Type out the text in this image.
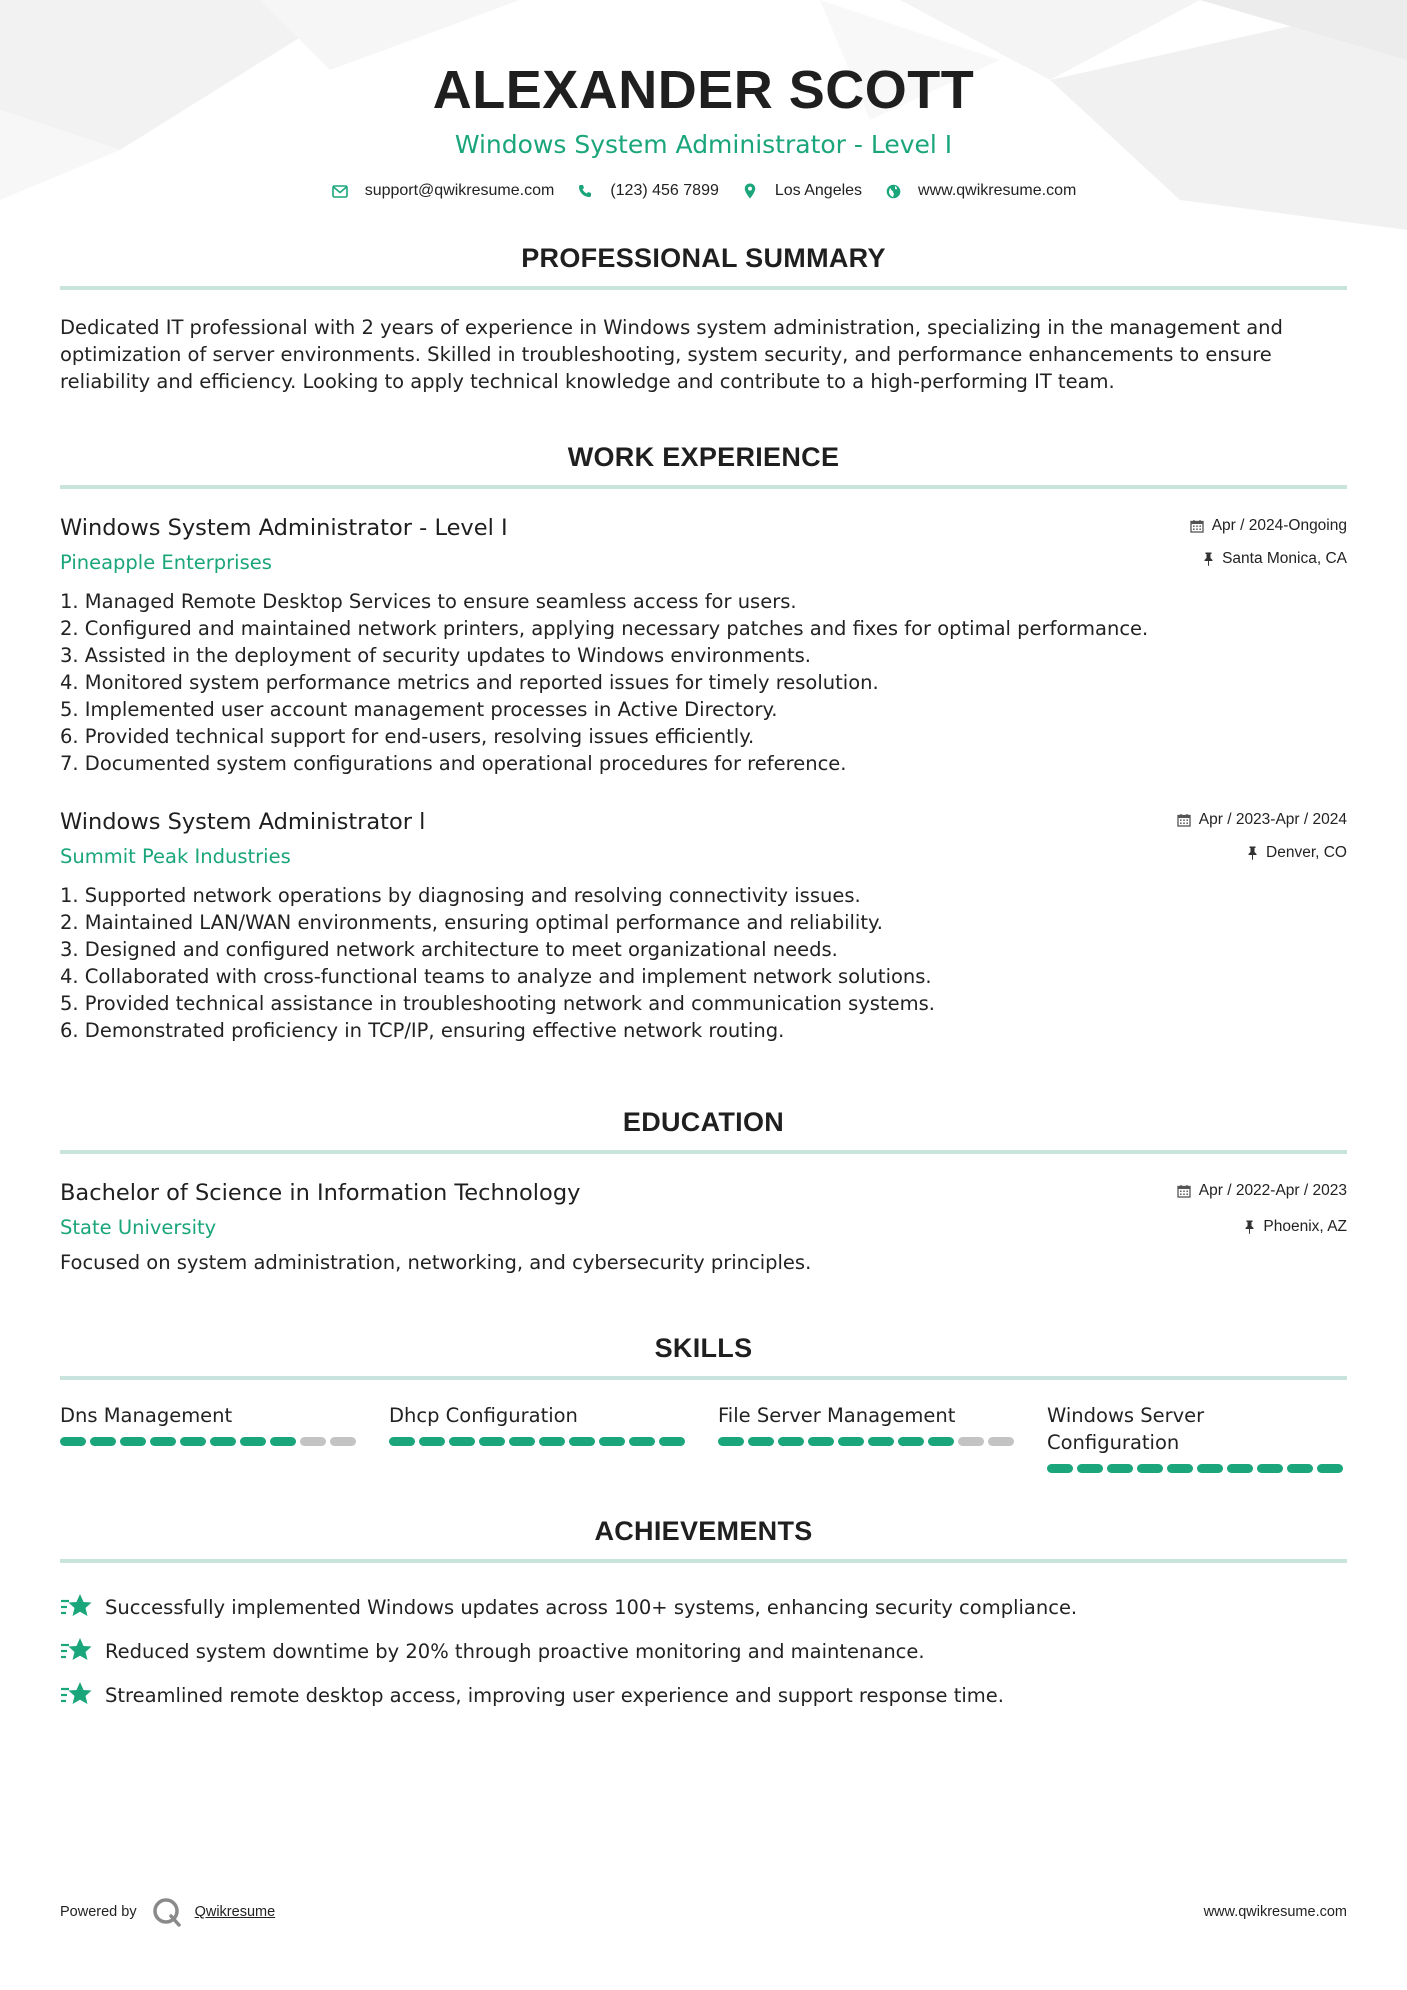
ALEXANDER SCOTT
Windows System Administrator - Level I
support@qwikresume.com	(123) 456 7899	Los Angeles	www.qwikresume.com
PROFESSIONAL SUMMARY

Dedicated IT professional with 2 years of experience in Windows system administration, specializing in the management and optimization of server environments. Skilled in troubleshooting, system security, and performance enhancements to ensure reliability and efficiency. Looking to apply technical knowledge and contribute to a high-performing IT team.

WORK EXPERIENCE
Windows System Administrator - Level I
Pineapple Enterprises
Apr / 2024-Ongoing
Santa Monica, CA
1. Managed Remote Desktop Services to ensure seamless access for users.
2. Configured and maintained network printers, applying necessary patches and fixes for optimal performance.
3. Assisted in the deployment of security updates to Windows environments.
4. Monitored system performance metrics and reported issues for timely resolution.
5. Implemented user account management processes in Active Directory.
6. Provided technical support for end-users, resolving issues efficiently.
7. Documented system configurations and operational procedures for reference.
Windows System Administrator l
Summit Peak Industries
Apr / 2023-Apr / 2024
Denver, CO
1. Supported network operations by diagnosing and resolving connectivity issues.
2. Maintained LAN/WAN environments, ensuring optimal performance and reliability.
3. Designed and configured network architecture to meet organizational needs.
4. Collaborated with cross-functional teams to analyze and implement network solutions.
5. Provided technical assistance in troubleshooting network and communication systems.
6. Demonstrated proficiency in TCP/IP, ensuring effective network routing.
EDUCATION
Bachelor of Science in Information Technology
State University
Apr / 2022-Apr / 2023
Phoenix, AZ

Focused on system administration, networking, and cybersecurity principles.

SKILLS
Dns Management	Dhcp Configuration	File Server Management	Windows Server Configuration
ACHIEVEMENTS
Successfully implemented Windows updates across 100+ systems, enhancing security compliance.
Reduced system downtime by 20% through proactive monitoring and maintenance.
Streamlined remote desktop access, improving user experience and support response time.
Powered by	Qwikresume	www.qwikresume.com
